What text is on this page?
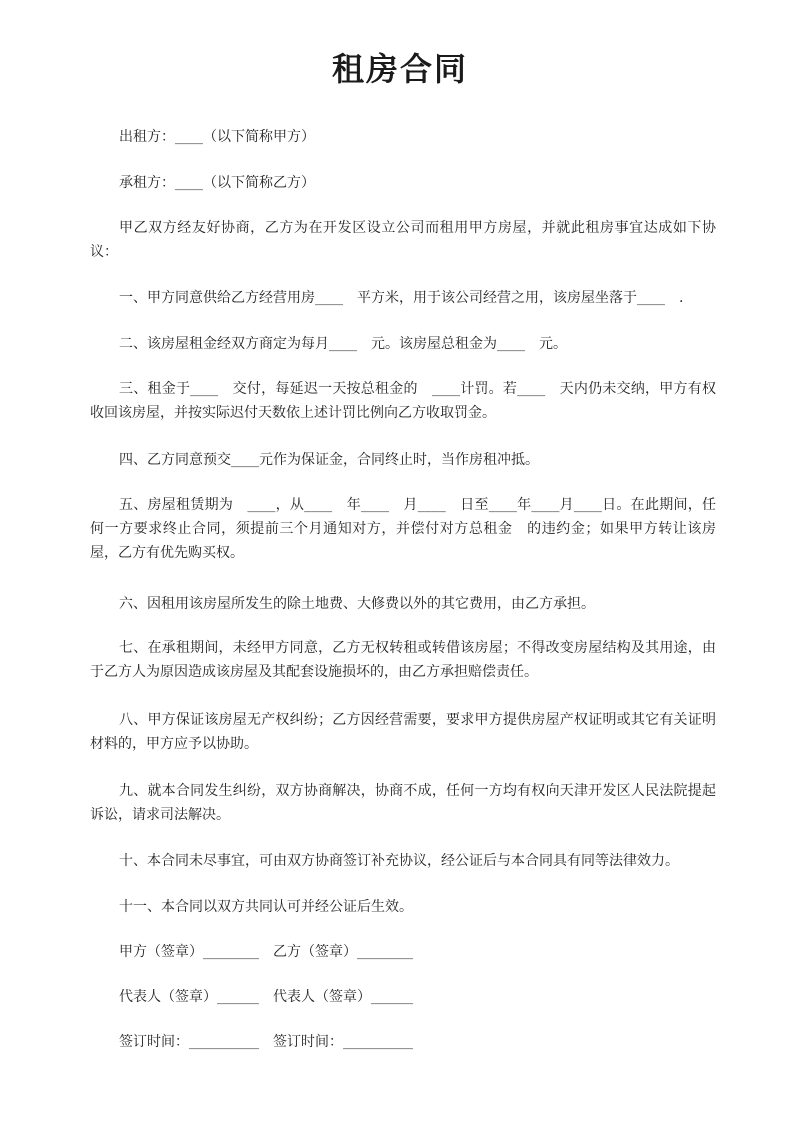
租房合同
出租方：____（以下简称甲方）
承租方：____（以下简称乙方）
甲乙双方经友好协商，乙方为在开发区设立公司而租用甲方房屋，并就此租房事宜达成如下协议：
一、甲方同意供给乙方经营用房____　平方米，用于该公司经营之用，该房屋坐落于____　.
二、该房屋租金经双方商定为每月____　元。该房屋总租金为____　元。
三、租金于____　交付，每延迟一天按总租金的　____计罚。若____　天内仍未交纳，甲方有权收回该房屋，并按实际迟付天数依上述计罚比例向乙方收取罚金。
四、乙方同意预交____元作为保证金，合同终止时，当作房租冲抵。
五、房屋租赁期为　____，从____　年____　月____　日至____年____月____日。在此期间，任何一方要求终止合同，须提前三个月通知对方，并偿付对方总租金　的违约金；如果甲方转让该房屋，乙方有优先购买权。
六、因租用该房屋所发生的除土地费、大修费以外的其它费用，由乙方承担。
七、在承租期间，未经甲方同意，乙方无权转租或转借该房屋；不得改变房屋结构及其用途，由于乙方人为原因造成该房屋及其配套设施损坏的，由乙方承担赔偿责任。
八、甲方保证该房屋无产权纠纷；乙方因经营需要，要求甲方提供房屋产权证明或其它有关证明材料的，甲方应予以协助。
九、就本合同发生纠纷，双方协商解决，协商不成，任何一方均有权向天津开发区人民法院提起诉讼，请求司法解决。
十、本合同未尽事宜，可由双方协商签订补充协议，经公证后与本合同具有同等法律效力。
十一、本合同以双方共同认可并经公证后生效。
甲方（签章）________　乙方（签章）________
代表人（签章）______　代表人（签章）______
签订时间：__________　签订时间：__________
